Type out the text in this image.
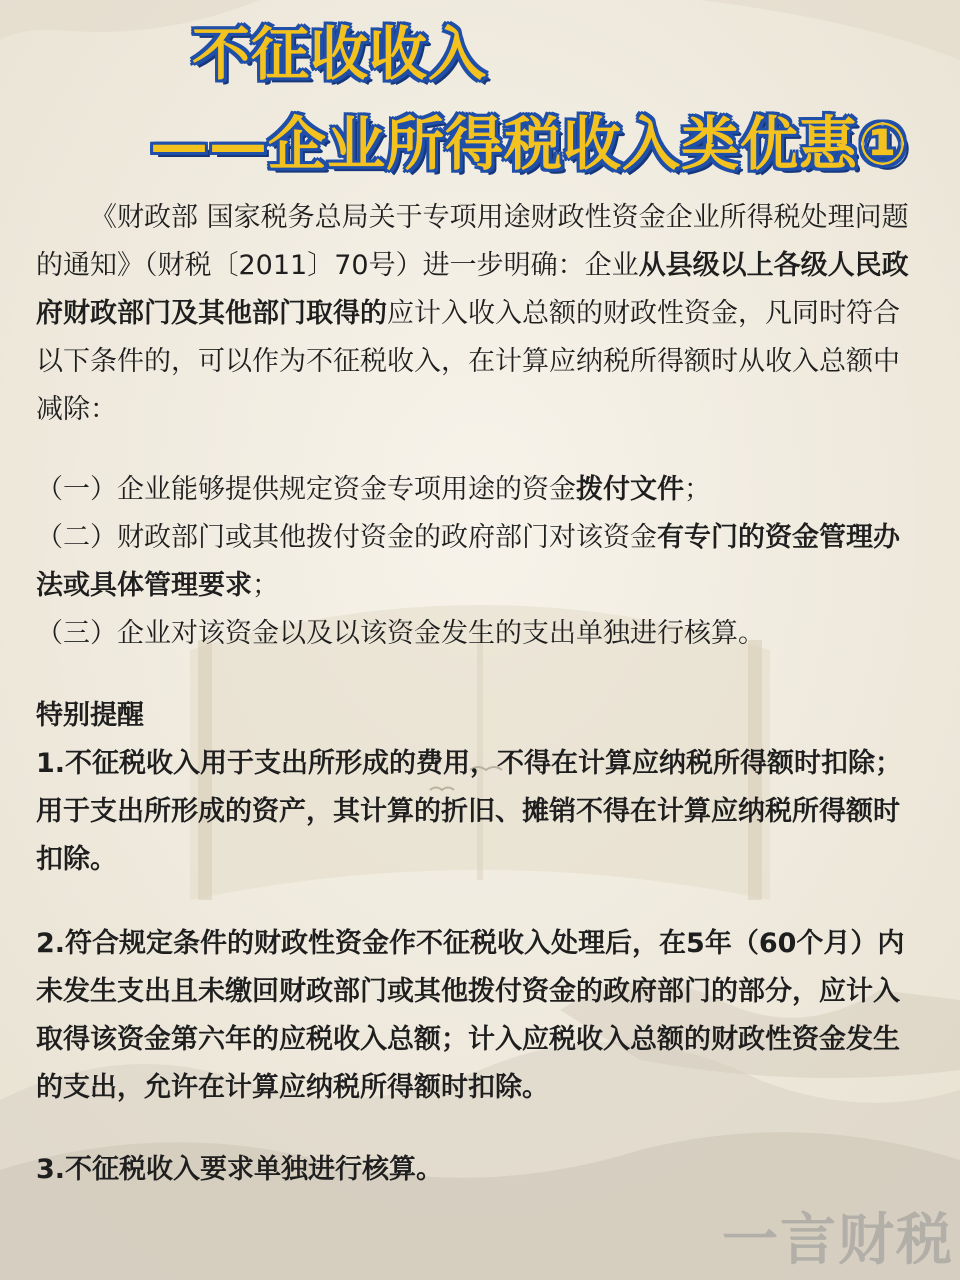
不征收收入
——企业所得税收入类优惠①
《财政部 国家税务总局关于专项用途财政性资金企业所得税处理问题的通知》（财税〔2011〕70号）进一步明确：企业从县级以上各级人民政府财政部门及其他部门取得的应计入收入总额的财政性资金，凡同时符合以下条件的，可以作为不征税收入，在计算应纳税所得额时从收入总额中减除：
（一）企业能够提供规定资金专项用途的资金拨付文件；
（二）财政部门或其他拨付资金的政府部门对该资金有专门的资金管理办法或具体管理要求；
（三）企业对该资金以及以该资金发生的支出单独进行核算。
特别提醒
1.不征税收入用于支出所形成的费用，不得在计算应纳税所得额时扣除；用于支出所形成的资产，其计算的折旧、摊销不得在计算应纳税所得额时扣除。
2.符合规定条件的财政性资金作不征税收入处理后，在5年（60个月）内未发生支出且未缴回财政部门或其他拨付资金的政府部门的部分，应计入取得该资金第六年的应税收入总额；计入应税收入总额的财政性资金发生的支出，允许在计算应纳税所得额时扣除。
3.不征税收入要求单独进行核算。
一言财税
